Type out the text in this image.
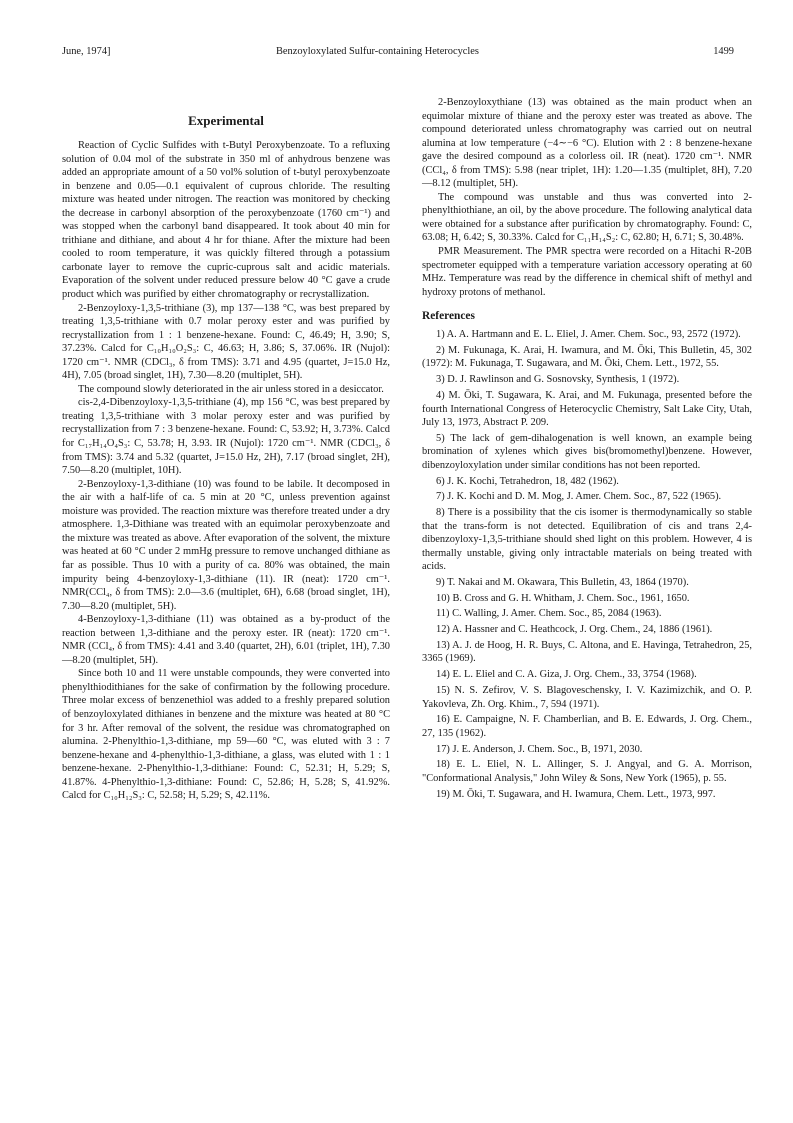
June, 1974]	Benzoyloxylated Sulfur-containing Heterocycles	1499
Experimental

Reaction of Cyclic Sulfides with t-Butyl Peroxybenzoate. To a refluxing solution of 0.04 mol of the substrate in 350 ml of anhydrous benzene was added an appropriate amount of a 50 vol% solution of t-butyl peroxybenzoate in benzene and 0.05—0.1 equivalent of cuprous chloride. The resulting mixture was heated under nitrogen. The reaction was monitored by checking the decrease in carbonyl absorption of the peroxybenzoate (1760 cm⁻¹) and was stopped when the carbonyl band disappeared. It took about 40 min for trithiane and dithiane, and about 4 hr for thiane. After the mixture had been cooled to room temperature, it was quickly filtered through a potassium carbonate layer to remove the cupric-cuprous salt and acidic materials. Evaporation of the solvent under reduced pressure below 40 °C gave a crude product which was purified by either chromatography or recrystallization.

2-Benzoyloxy-1,3,5-trithiane (3), mp 137—138 °C, was best prepared by treating 1,3,5-trithiane with 0.7 molar peroxy ester and was purified by recrystallization from 1 : 1 benzene-hexane. Found: C, 46.49; H, 3.90; S, 37.23%. Calcd for C₁₀H₁₀O₂S₃: C, 46.63; H, 3.86; S, 37.06%. IR (Nujol): 1720 cm⁻¹. NMR (CDCl₃, δ from TMS): 3.71 and 4.95 (quartet, J=15.0 Hz, 4H), 7.05 (broad singlet, 1H), 7.30—8.20 (multiplet, 5H).

The compound slowly deteriorated in the air unless stored in a desiccator.

cis-2,4-Dibenzoyloxy-1,3,5-trithiane (4), mp 156 °C, was best prepared by treating 1,3,5-trithiane with 3 molar peroxy ester and was purified by recrystallization from 7 : 3 benzene-hexane. Found: C, 53.92; H, 3.73%. Calcd for C₁₇H₁₄O₄S₃: C, 53.78; H, 3.93. IR (Nujol): 1720 cm⁻¹. NMR (CDCl₃, δ from TMS): 3.74 and 5.32 (quartet, J=15.0 Hz, 2H), 7.17 (broad singlet, 2H), 7.50—8.20 (multiplet, 10H).

2-Benzoyloxy-1,3-dithiane (10) was found to be labile. It decomposed in the air with a half-life of ca. 5 min at 20 °C, unless prevention against moisture was provided. The reaction mixture was therefore treated under a dry atmosphere. 1,3-Dithiane was treated with an equimolar peroxybenzoate and the mixture was treated as above. After evaporation of the solvent, the mixture was heated at 60 °C under 2 mmHg pressure to remove unchanged dithiane as far as possible. Thus 10 with a purity of ca. 80% was obtained, the main impurity being 4-benzoyloxy-1,3-dithiane (11). IR (neat): 1720 cm⁻¹. NMR(CCl₄, δ from TMS): 2.0—3.6 (multiplet, 6H), 6.68 (broad singlet, 1H), 7.30—8.20 (multiplet, 5H).

4-Benzoyloxy-1,3-dithiane (11) was obtained as a by-product of the reaction between 1,3-dithiane and the peroxy ester. IR (neat): 1720 cm⁻¹. NMR (CCl₄, δ from TMS): 4.41 and 3.40 (quartet, 2H), 6.01 (triplet, 1H), 7.30—8.20 (multiplet, 5H).

Since both 10 and 11 were unstable compounds, they were converted into phenylthiodithianes for the sake of confirmation by the following procedure. Three molar excess of benzenethiol was added to a freshly prepared solution of benzoyloxylated dithianes in benzene and the mixture was heated at 80 °C for 3 hr. After removal of the solvent, the residue was chromatographed on alumina. 2-Phenylthio-1,3-dithiane, mp 59—60 °C, was eluted with 3 : 7 benzene-hexane and 4-phenylthio-1,3-dithiane, a glass, was eluted with 1 : 1 benzene-hexane. 2-Phenylthio-1,3-dithiane: Found: C, 52.31; H, 5.29; S, 41.87%. 4-Phenylthio-1,3-dithiane: Found: C, 52.86; H, 5.28; S, 41.92%. Calcd for C₁₀H₁₂S₃: C, 52.58; H, 5.29; S, 42.11%.

2-Benzoyloxythiane (13) was obtained as the main product when an equimolar mixture of thiane and the peroxy ester was treated as above. The compound deteriorated unless chromatography was carried out on neutral alumina at low temperature (−4∼−6 °C). Elution with 2 : 8 benzene-hexane gave the desired compound as a colorless oil. IR (neat). 1720 cm⁻¹. NMR (CCl₄, δ from TMS): 5.98 (near triplet, 1H): 1.20—1.35 (multiplet, 8H), 7.20—8.12 (multiplet, 5H).

The compound was unstable and thus was converted into 2-phenylthiothiane, an oil, by the above procedure. The following analytical data were obtained for a substance after purification by chromatography. Found: C, 63.08; H, 6.42; S, 30.33%. Calcd for C₁₁H₁₄S₂: C, 62.80; H, 6.71; S, 30.48%.

PMR Measurement. The PMR spectra were recorded on a Hitachi R-20B spectrometer equipped with a temperature variation accessory operating at 60 MHz. Temperature was read by the difference in chemical shift of methyl and hydroxy protons of methanol.

References

1) A. A. Hartmann and E. L. Eliel, J. Amer. Chem. Soc., 93, 2572 (1972).

2) M. Fukunaga, K. Arai, H. Iwamura, and M. Ōki, This Bulletin, 45, 302 (1972): M. Fukunaga, T. Sugawara, and M. Ōki, Chem. Lett., 1972, 55.

3) D. J. Rawlinson and G. Sosnovsky, Synthesis, 1 (1972).

4) M. Ōki, T. Sugawara, K. Arai, and M. Fukunaga, presented before the fourth International Congress of Heterocyclic Chemistry, Salt Lake City, Utah, July 13, 1973, Abstract P. 209.

5) The lack of gem-dihalogenation is well known, an example being bromination of xylenes which gives bis(bromomethyl)benzene. However, dibenzoyloxylation under similar conditions has not been reported.

6) J. K. Kochi, Tetrahedron, 18, 482 (1962).

7) J. K. Kochi and D. M. Mog, J. Amer. Chem. Soc., 87, 522 (1965).

8) There is a possibility that the cis isomer is thermodynamically so stable that the trans-form is not detected. Equilibration of cis and trans 2,4-dibenzoyloxy-1,3,5-trithiane should shed light on this problem. However, 4 is thermally unstable, giving only intractable materials on being treated with acids.

9) T. Nakai and M. Okawara, This Bulletin, 43, 1864 (1970).

10) B. Cross and G. H. Whitham, J. Chem. Soc., 1961, 1650.

11) C. Walling, J. Amer. Chem. Soc., 85, 2084 (1963).

12) A. Hassner and C. Heathcock, J. Org. Chem., 24, 1886 (1961).

13) A. J. de Hoog, H. R. Buys, C. Altona, and E. Havinga, Tetrahedron, 25, 3365 (1969).

14) E. L. Eliel and C. A. Giza, J. Org. Chem., 33, 3754 (1968).

15) N. S. Zefirov, V. S. Blagoveschensky, I. V. Kazimizchik, and O. P. Yakovleva, Zh. Org. Khim., 7, 594 (1971).

16) E. Campaigne, N. F. Chamberlian, and B. E. Edwards, J. Org. Chem., 27, 135 (1962).

17) J. E. Anderson, J. Chem. Soc., B, 1971, 2030.

18) E. L. Eliel, N. L. Allinger, S. J. Angyal, and G. A. Morrison, "Conformational Analysis," John Wiley & Sons, New York (1965), p. 55.

19) M. Ōki, T. Sugawara, and H. Iwamura, Chem. Lett., 1973, 997.
